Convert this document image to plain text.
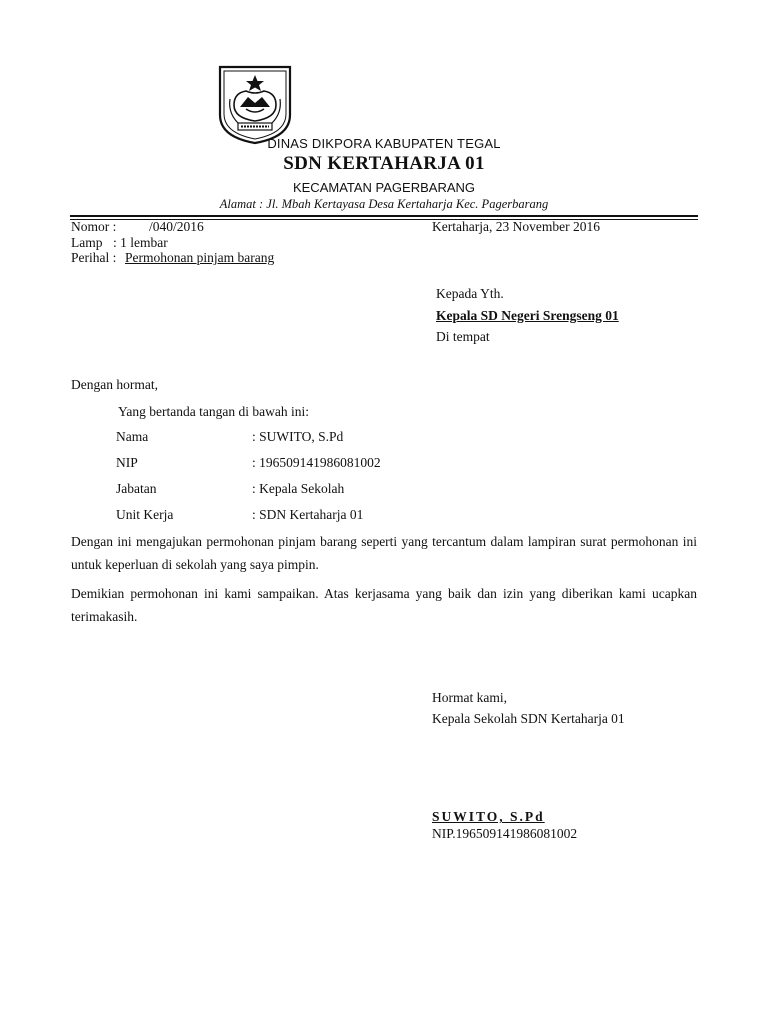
DINAS DIKPORA KABUPATEN TEGAL
SDN KERTAHARJA 01
KECAMATAN PAGERBARANG
Alamat : Jl. Mbah Kertayasa Desa Kertaharja Kec. Pagerbarang
Nomor : /040/2016	Kertaharja, 23 November 2016
Lamp : 1 lembar
Perihal : Permohonan pinjam barang
Kepada Yth.
Kepala SD Negeri Srengseng 01
Di tempat
Dengan hormat,
Yang bertanda tangan di bawah ini:
Nama	: SUWITO, S.Pd
NIP	: 196509141986081002
Jabatan	: Kepala Sekolah
Unit Kerja	: SDN Kertaharja 01
Dengan ini mengajukan permohonan pinjam barang seperti yang tercantum dalam lampiran surat permohonan ini untuk keperluan di sekolah yang saya pimpin.
Demikian permohonan ini kami sampaikan. Atas kerjasama yang baik dan izin yang diberikan kami ucapkan terimakasih.
Hormat kami,
Kepala Sekolah SDN Kertaharja 01
SUWITO, S.Pd
NIP.196509141986081002
